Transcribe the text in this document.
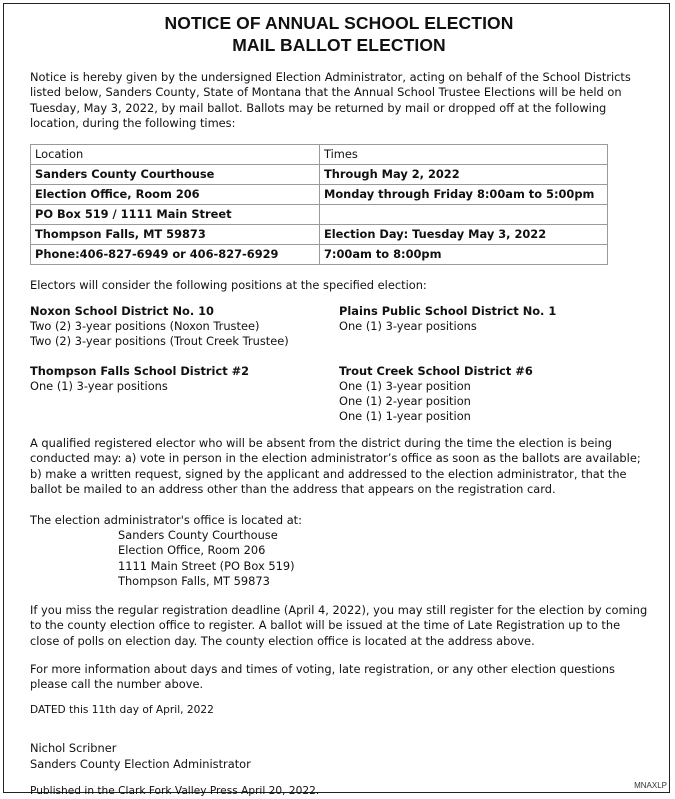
NOTICE OF ANNUAL SCHOOL ELECTION
MAIL BALLOT ELECTION

Notice is hereby given by the undersigned Election Administrator, acting on behalf of the School Districts listed below, Sanders County, State of Montana that the Annual School Trustee Elections will be held on Tuesday, May 3, 2022, by mail ballot. Ballots may be returned by mail or dropped off at the following location, during the following times:

Location	Times
Sanders County Courthouse	Through May 2, 2022
Election Office, Room 206	Monday through Friday 8:00am to 5:00pm
PO Box 519 / 1111 Main Street	
Thompson Falls, MT 59873	Election Day: Tuesday May 3, 2022
Phone:406-827-6949 or 406-827-6929	7:00am to 8:00pm

Electors will consider the following positions at the specified election:

Noxon School District No. 10
Two (2) 3-year positions (Noxon Trustee)
Two (2) 3-year positions (Trout Creek Trustee)
Thompson Falls School District #2
One (1) 3-year positions
Plains Public School District No. 1
One (1) 3-year positions
Trout Creek School District #6
One (1) 3-year position
One (1) 2-year position
One (1) 1-year position

A qualified registered elector who will be absent from the district during the time the election is being conducted may: a) vote in person in the election administrator’s office as soon as the ballots are available; b) make a written request, signed by the applicant and addressed to the election administrator, that the ballot be mailed to an address other than the address that appears on the registration card.

The election administrator's office is located at:

Sanders County Courthouse
Election Office, Room 206
1111 Main Street (PO Box 519)
Thompson Falls, MT 59873

If you miss the regular registration deadline (April 4, 2022), you may still register for the election by coming to the county election office to register. A ballot will be issued at the time of Late Registration up to the close of polls on election day. The county election office is located at the address above.

For more information about days and times of voting, late registration, or any other election questions please call the number above.

DATED this 11th day of April, 2022

Nichol Scribner

Sanders County Election Administrator

Published in the Clark Fork Valley Press April 20, 2022.	MNAXLP
